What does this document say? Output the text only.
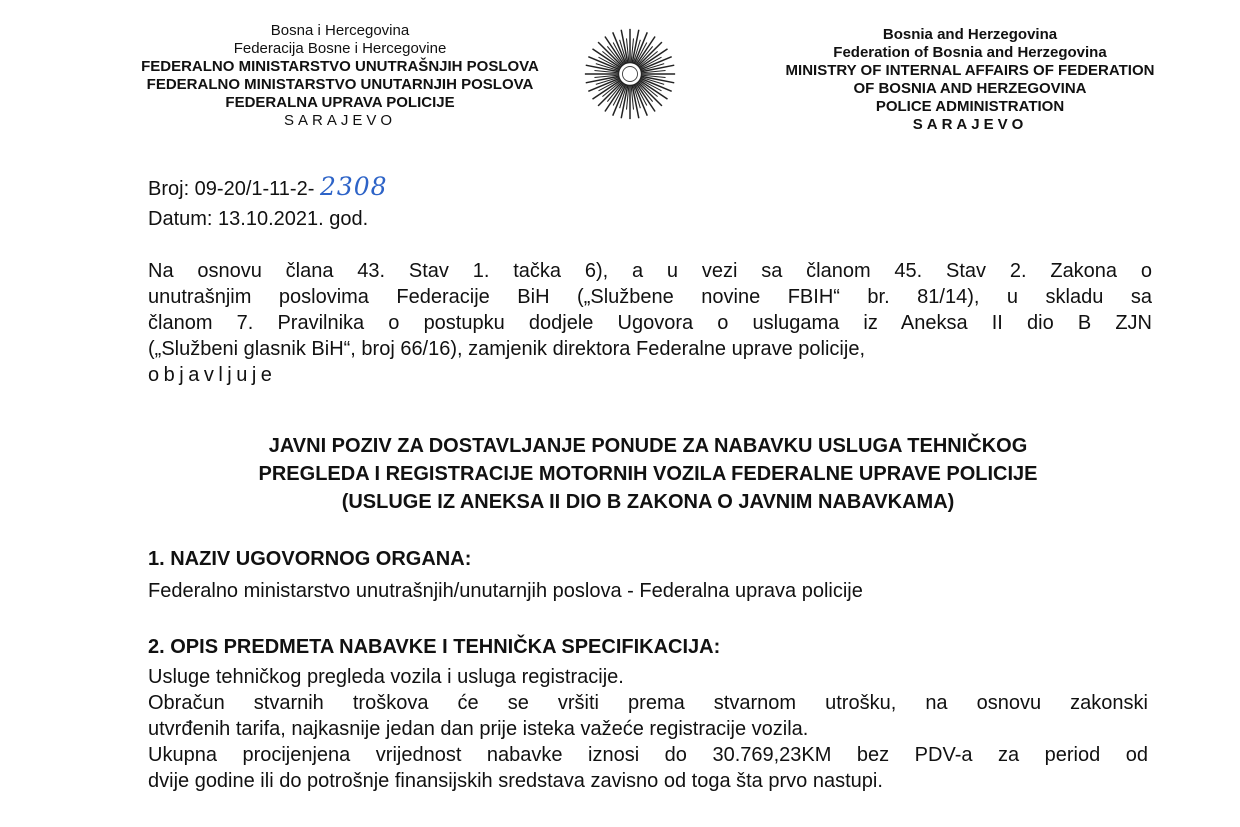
Bosna i Hercegovina
Federacija Bosne i Hercegovine
FEDERALNO MINISTARSTVO UNUTRAŠNJIH POSLOVA
FEDERALNO MINISTARSTVO UNUTARNJIH POSLOVA
FEDERALNA UPRAVA POLICIJE
SARAJEVO
Bosnia and Herzegovina
Federation of Bosnia and Herzegovina
MINISTRY OF INTERNAL AFFAIRS OF FEDERATION
OF BOSNIA AND HERZEGOVINA
POLICE ADMINISTRATION
SARAJEVO
Broj: 09-20/1-11-2- 2308
Datum: 13.10.2021. god.
Na osnovu člana 43. Stav 1. tačka 6), a u vezi sa članom 45. Stav 2. Zakona o
unutrašnjim poslovima Federacije BiH („Službene novine FBIH“ br. 81/14), u skladu sa
članom 7. Pravilnika o postupku dodjele Ugovora o uslugama iz Aneksa II dio B ZJN
(„Službeni glasnik BiH“, broj 66/16), zamjenik direktora Federalne uprave policije,
objavljuje
JAVNI POZIV ZA DOSTAVLJANJE PONUDE ZA NABAVKU USLUGA TEHNIČKOG
PREGLEDA I REGISTRACIJE MOTORNIH VOZILA FEDERALNE UPRAVE POLICIJE
(USLUGE IZ ANEKSA II DIO B ZAKONA O JAVNIM NABAVKAMA)
1. NAZIV UGOVORNOG ORGANA:
Federalno ministarstvo unutrašnjih/unutarnjih poslova - Federalna uprava policije
2. OPIS PREDMETA NABAVKE I TEHNIČKA SPECIFIKACIJA:
Usluge tehničkog pregleda vozila i usluga registracije.
Obračun stvarnih troškova će se vršiti prema stvarnom utrošku, na osnovu zakonski
utvrđenih tarifa, najkasnije jedan dan prije isteka važeće registracije vozila.
Ukupna procijenjena vrijednost nabavke iznosi do 30.769,23KM bez PDV-a za period od
dvije godine ili do potrošnje finansijskih sredstava zavisno od toga šta prvo nastupi.
